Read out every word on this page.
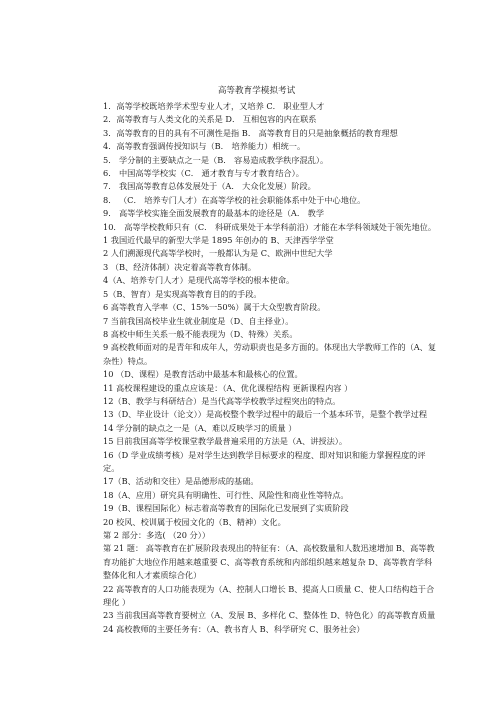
高等教育学模拟考试
1．高等学校既培养学术型专业人才，又培养 C． 职业型人才
2．高等教育与人类文化的关系是 D． 互相包容的内在联系
3．高等教育的目的具有不可测性是指 B． 高等教育目的只是抽象概括的教育理想
4．高等教育强调传授知识与（B． 培养能力）相统一。
5． 学分制的主要缺点之一是（B． 容易造成教学秩序混乱）。
6． 中国高等学校实（C． 通才教育与专才教育结合）。
7． 我国高等教育总体发展处于（A． 大众化发展）阶段。
8． （C． 培养专门人才）在高等学校的社会职能体系中处于中心地位。
9． 高等学校实施全面发展教育的最基本的途径是（A． 教学
10． 高等学校教师只有（C． 科研成果处于本学科前沿）才能在本学科领域处于领先地位。
1 我国近代最早的新型大学是 1895 年创办的 B、天津西学学堂
2 人们溯源现代高等学校时，一般都认为是 C、欧洲中世纪大学
3 （B、经济体制）决定着高等教育体制。
4（A、培养专门人才）是现代高等学校的根本使命。
5（B、智育）是实现高等教育目的的手段。
6 高等教育入学率（C、15%一50%）属于大众型教育阶段。
7 当前我国高校毕业生就业制度是（D、自主择业）。
8 高校中师生关系一般不能表现为（D、特殊）关系。
9 高校教师面对的是青年和成年人，劳动职责也是多方面的。体现出大学教师工作的（A、复杂性）特点。
10 （D、课程）是教育活动中最基本和最核心的位置。
11 高校课程建设的重点应该是：（A、优化课程结构 更新课程内容 ）
12（B、教学与科研结合）是当代高等学校教学过程突出的特点。
13（D、毕业设计（论文））是高校整个教学过程中的最后一个基本环节，是整个教学过程
14 学分制的缺点之一是（A、难以反映学习的质量 ）
15 目前我国高等学校课堂教学最普遍采用的方法是（A、讲授法）。
16（D 学业成绩考核）是对学生达到教学目标要求的程度、即对知识和能力掌握程度的评定。
17（B、活动和交往）是品德形成的基础。
18（A、应用）研究具有明确性、可行性、风险性和商业性等特点。
19（B、课程国际化）标志着高等教育的国际化已发展到了实质阶段
20 校风、校训属于校园文化的（B、精神）文化。
第 2 部分：多选( （20 分））
第 21 题： 高等教育在扩展阶段表现出的特征有：（A、高校数量和人数迅速增加 B、高等教育功能扩大地位作用越来越重要 C、高等教育系统和内部组织越来越复杂 D、高等教育学科整体化和人才素质综合化）
22 高等教育的人口功能表现为（A、控制人口增长 B、提高人口质量 C、使人口结构趋于合理化 ）
23 当前我国高等教育要树立（A、发展 B、多样化 C、整体性 D、特色化）的高等教育质量
24 高校教师的主要任务有：（A、教书育人 B、科学研究 C、服务社会）
